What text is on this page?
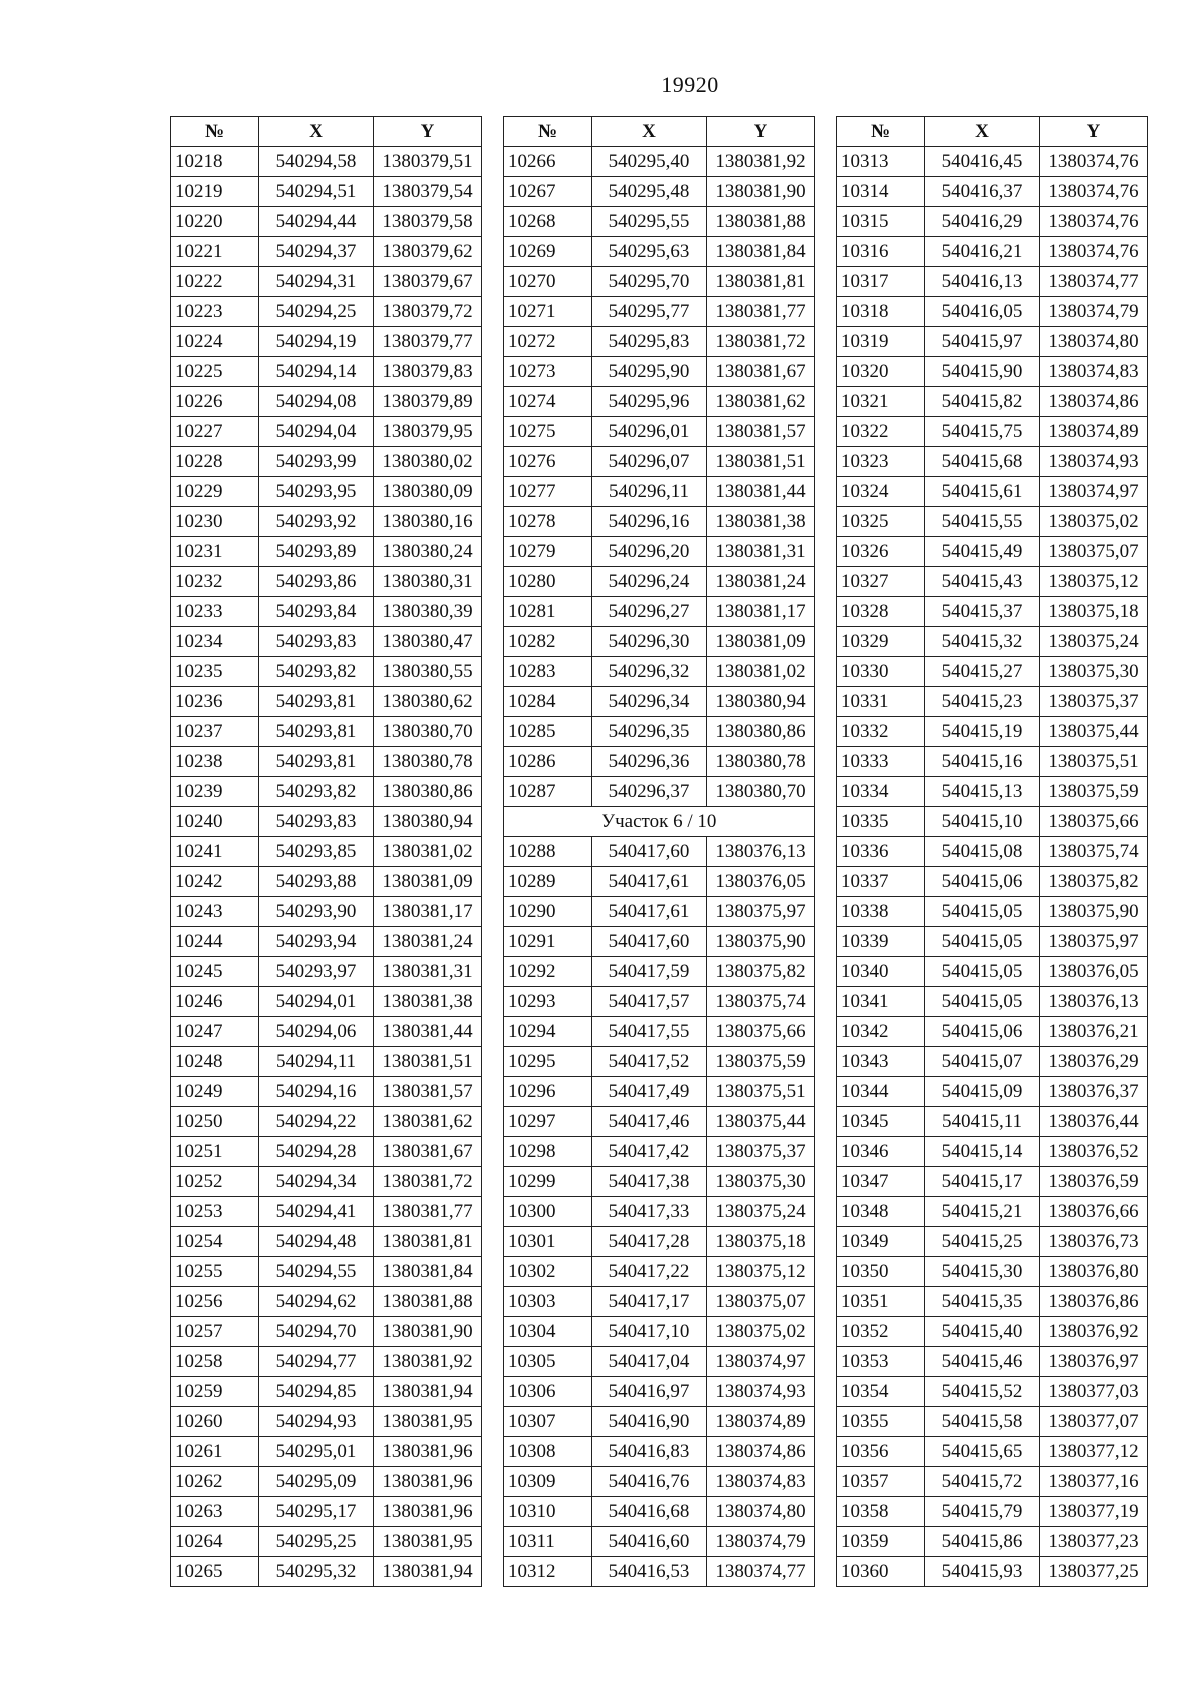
19920
№	X	Y
10218	540294,58	1380379,51
10219	540294,51	1380379,54
10220	540294,44	1380379,58
10221	540294,37	1380379,62
10222	540294,31	1380379,67
10223	540294,25	1380379,72
10224	540294,19	1380379,77
10225	540294,14	1380379,83
10226	540294,08	1380379,89
10227	540294,04	1380379,95
10228	540293,99	1380380,02
10229	540293,95	1380380,09
10230	540293,92	1380380,16
10231	540293,89	1380380,24
10232	540293,86	1380380,31
10233	540293,84	1380380,39
10234	540293,83	1380380,47
10235	540293,82	1380380,55
10236	540293,81	1380380,62
10237	540293,81	1380380,70
10238	540293,81	1380380,78
10239	540293,82	1380380,86
10240	540293,83	1380380,94
10241	540293,85	1380381,02
10242	540293,88	1380381,09
10243	540293,90	1380381,17
10244	540293,94	1380381,24
10245	540293,97	1380381,31
10246	540294,01	1380381,38
10247	540294,06	1380381,44
10248	540294,11	1380381,51
10249	540294,16	1380381,57
10250	540294,22	1380381,62
10251	540294,28	1380381,67
10252	540294,34	1380381,72
10253	540294,41	1380381,77
10254	540294,48	1380381,81
10255	540294,55	1380381,84
10256	540294,62	1380381,88
10257	540294,70	1380381,90
10258	540294,77	1380381,92
10259	540294,85	1380381,94
10260	540294,93	1380381,95
10261	540295,01	1380381,96
10262	540295,09	1380381,96
10263	540295,17	1380381,96
10264	540295,25	1380381,95
10265	540295,32	1380381,94
№	X	Y
10266	540295,40	1380381,92
10267	540295,48	1380381,90
10268	540295,55	1380381,88
10269	540295,63	1380381,84
10270	540295,70	1380381,81
10271	540295,77	1380381,77
10272	540295,83	1380381,72
10273	540295,90	1380381,67
10274	540295,96	1380381,62
10275	540296,01	1380381,57
10276	540296,07	1380381,51
10277	540296,11	1380381,44
10278	540296,16	1380381,38
10279	540296,20	1380381,31
10280	540296,24	1380381,24
10281	540296,27	1380381,17
10282	540296,30	1380381,09
10283	540296,32	1380381,02
10284	540296,34	1380380,94
10285	540296,35	1380380,86
10286	540296,36	1380380,78
10287	540296,37	1380380,70
Участок 6 / 10		
10288	540417,60	1380376,13
10289	540417,61	1380376,05
10290	540417,61	1380375,97
10291	540417,60	1380375,90
10292	540417,59	1380375,82
10293	540417,57	1380375,74
10294	540417,55	1380375,66
10295	540417,52	1380375,59
10296	540417,49	1380375,51
10297	540417,46	1380375,44
10298	540417,42	1380375,37
10299	540417,38	1380375,30
10300	540417,33	1380375,24
10301	540417,28	1380375,18
10302	540417,22	1380375,12
10303	540417,17	1380375,07
10304	540417,10	1380375,02
10305	540417,04	1380374,97
10306	540416,97	1380374,93
10307	540416,90	1380374,89
10308	540416,83	1380374,86
10309	540416,76	1380374,83
10310	540416,68	1380374,80
10311	540416,60	1380374,79
10312	540416,53	1380374,77
№	X	Y
10313	540416,45	1380374,76
10314	540416,37	1380374,76
10315	540416,29	1380374,76
10316	540416,21	1380374,76
10317	540416,13	1380374,77
10318	540416,05	1380374,79
10319	540415,97	1380374,80
10320	540415,90	1380374,83
10321	540415,82	1380374,86
10322	540415,75	1380374,89
10323	540415,68	1380374,93
10324	540415,61	1380374,97
10325	540415,55	1380375,02
10326	540415,49	1380375,07
10327	540415,43	1380375,12
10328	540415,37	1380375,18
10329	540415,32	1380375,24
10330	540415,27	1380375,30
10331	540415,23	1380375,37
10332	540415,19	1380375,44
10333	540415,16	1380375,51
10334	540415,13	1380375,59
10335	540415,10	1380375,66
10336	540415,08	1380375,74
10337	540415,06	1380375,82
10338	540415,05	1380375,90
10339	540415,05	1380375,97
10340	540415,05	1380376,05
10341	540415,05	1380376,13
10342	540415,06	1380376,21
10343	540415,07	1380376,29
10344	540415,09	1380376,37
10345	540415,11	1380376,44
10346	540415,14	1380376,52
10347	540415,17	1380376,59
10348	540415,21	1380376,66
10349	540415,25	1380376,73
10350	540415,30	1380376,80
10351	540415,35	1380376,86
10352	540415,40	1380376,92
10353	540415,46	1380376,97
10354	540415,52	1380377,03
10355	540415,58	1380377,07
10356	540415,65	1380377,12
10357	540415,72	1380377,16
10358	540415,79	1380377,19
10359	540415,86	1380377,23
10360	540415,93	1380377,25
